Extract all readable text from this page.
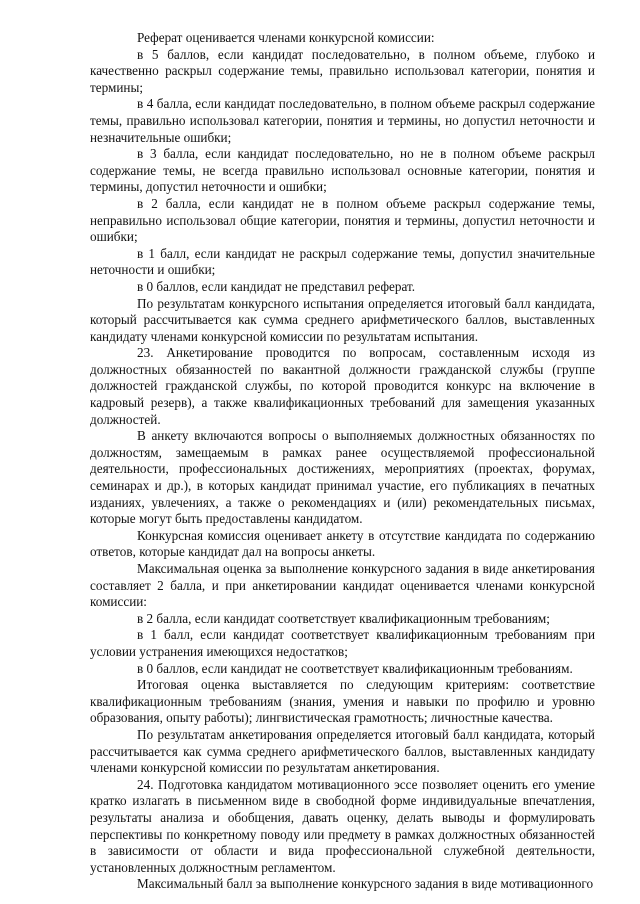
Реферат оценивается членами конкурсной комиссии:

в 5 баллов, если кандидат последовательно, в полном объеме, глубоко и качественно раскрыл содержание темы, правильно использовал категории, понятия и термины;

в 4 балла, если кандидат последовательно, в полном объеме раскрыл содержание темы, правильно использовал категории, понятия и термины, но допустил неточности и незначительные ошибки;

в 3 балла, если кандидат последовательно, но не в полном объеме раскрыл содержание темы, не всегда правильно использовал основные категории, понятия и термины, допустил неточности и ошибки;

в 2 балла, если кандидат не в полном объеме раскрыл содержание темы, неправильно использовал общие категории, понятия и термины, допустил неточности и ошибки;

в 1 балл, если кандидат не раскрыл содержание темы, допустил значительные неточности и ошибки;

в 0 баллов, если кандидат не представил реферат.

По результатам конкурсного испытания определяется итоговый балл кандидата, который рассчитывается как сумма среднего арифметического баллов, выставленных кандидату членами конкурсной комиссии по результатам испытания.

23. Анкетирование проводится по вопросам, составленным исходя из должностных обязанностей по вакантной должности гражданской службы (группе должностей гражданской службы, по которой проводится конкурс на включение в кадровый резерв), а также квалификационных требований для замещения указанных должностей.

В анкету включаются вопросы о выполняемых должностных обязанностях по должностям, замещаемым в рамках ранее осуществляемой профессиональной деятельности, профессиональных достижениях, мероприятиях (проектах, форумах, семинарах и др.), в которых кандидат принимал участие, его публикациях в печатных изданиях, увлечениях, а также о рекомендациях и (или) рекомендательных письмах, которые могут быть предоставлены кандидатом.

Конкурсная комиссия оценивает анкету в отсутствие кандидата по содержанию ответов, которые кандидат дал на вопросы анкеты.

Максимальная оценка за выполнение конкурсного задания в виде анкетирования составляет 2 балла, и при анкетировании кандидат оценивается членами конкурсной комиссии:

в 2 балла, если кандидат соответствует квалификационным требованиям;

в 1 балл, если кандидат соответствует квалификационным требованиям при условии устранения имеющихся недостатков;

в 0 баллов, если кандидат не соответствует квалификационным требованиям.

Итоговая оценка выставляется по следующим критериям: соответствие квалификационным требованиям (знания, умения и навыки по профилю и уровню образования, опыту работы); лингвистическая грамотность; личностные качества.

По результатам анкетирования определяется итоговый балл кандидата, который рассчитывается как сумма среднего арифметического баллов, выставленных кандидату членами конкурсной комиссии по результатам анкетирования.

24. Подготовка кандидатом мотивационного эссе позволяет оценить его умение кратко излагать в письменном виде в свободной форме индивидуальные впечатления, результаты анализа и обобщения, давать оценку, делать выводы и формулировать перспективы по конкретному поводу или предмету в рамках должностных обязанностей в зависимости от области и вида профессиональной служебной деятельности, установленных должностным регламентом.

Максимальный балл за выполнение конкурсного задания в виде мотивационного
